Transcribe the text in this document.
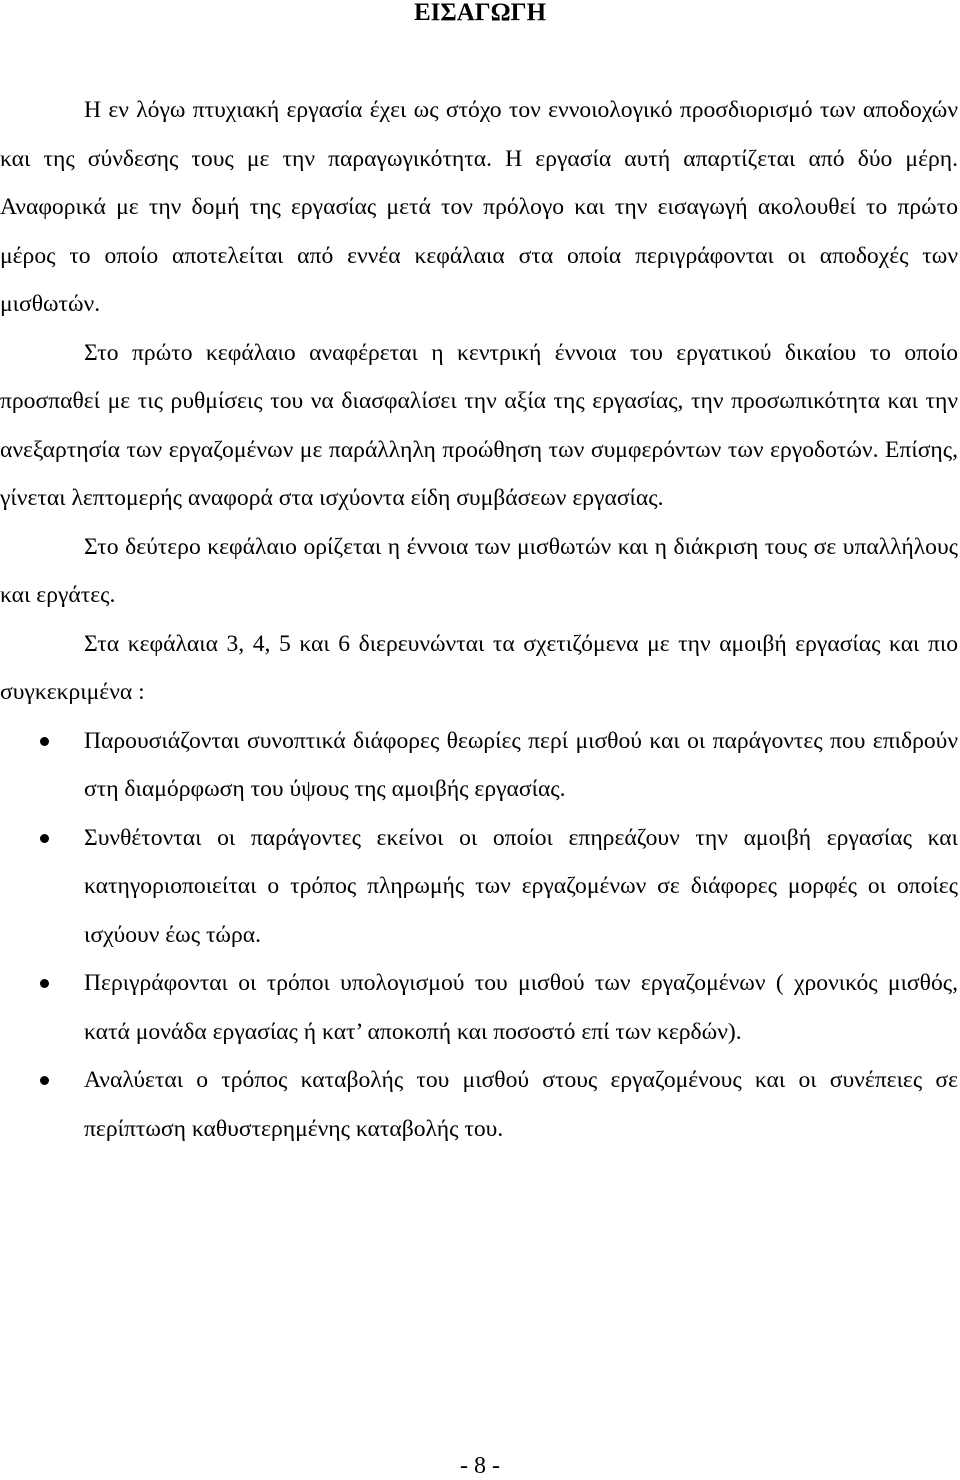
ΕΙΣΑΓΩΓΗ

Η εν λόγω πτυχιακή εργασία έχει ως στόχο τον εννοιολογικό προσδιορισμό των αποδοχών και της σύνδεσης τους με την παραγωγικότητα. Η εργασία αυτή απαρτίζεται από δύο μέρη. Αναφορικά με την δομή της εργασίας μετά τον πρόλογο και την εισαγωγή ακολουθεί το πρώτο μέρος το οποίο αποτελείται από εννέα κεφάλαια στα οποία περιγράφονται οι αποδοχές των μισθωτών.

Στο πρώτο κεφάλαιο αναφέρεται η κεντρική έννοια του εργατικού δικαίου το οποίο προσπαθεί με τις ρυθμίσεις του να διασφαλίσει την αξία της εργασίας, την προσωπικότητα και την ανεξαρτησία των εργαζομένων με παράλληλη προώθηση των συμφερόντων των εργοδοτών. Επίσης, γίνεται λεπτομερής αναφορά στα ισχύοντα είδη συμβάσεων εργασίας.

Στο δεύτερο κεφάλαιο ορίζεται η έννοια των μισθωτών και η διάκριση τους σε υπαλλήλους και εργάτες.

Στα κεφάλαια 3, 4, 5 και 6 διερευνώνται τα σχετιζόμενα με την αμοιβή εργασίας και πιο συγκεκριμένα :

Παρουσιάζονται συνοπτικά διάφορες θεωρίες περί μισθού και οι παράγοντες που επιδρούν στη διαμόρφωση του ύψους της αμοιβής εργασίας.
Συνθέτονται οι παράγοντες εκείνοι οι οποίοι επηρεάζουν την αμοιβή εργασίας και κατηγοριοποιείται ο τρόπος πληρωμής των εργαζομένων σε διάφορες μορφές οι οποίες ισχύουν έως τώρα.
Περιγράφονται οι τρόποι υπολογισμού του μισθού των εργαζομένων ( χρονικός μισθός, κατά μονάδα εργασίας ή κατ’ αποκοπή και ποσοστό επί των κερδών).
Αναλύεται ο τρόπος καταβολής του μισθού στους εργαζομένους και οι συνέπειες σε περίπτωση καθυστερημένης καταβολής του.
- 8 -
